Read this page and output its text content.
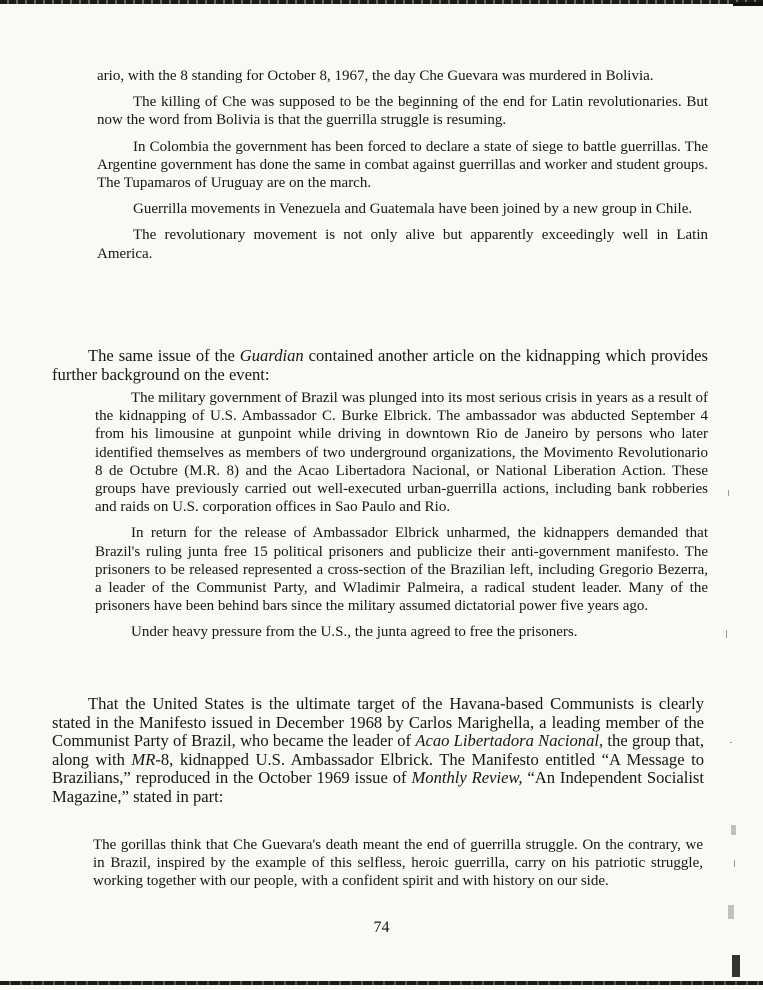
ario, with the 8 standing for October 8, 1967, the day Che Guevara was murdered in Bolivia.

The killing of Che was supposed to be the beginning of the end for Latin revolutionaries. But now the word from Bolivia is that the guerrilla struggle is resuming.

In Colombia the government has been forced to declare a state of siege to battle guerrillas. The Argentine government has done the same in combat against guerrillas and worker and student groups. The Tupamaros of Uruguay are on the march.

Guerrilla movements in Venezuela and Guatemala have been joined by a new group in Chile.

The revolutionary movement is not only alive but apparently exceedingly well in Latin America.

The same issue of the Guardian contained another article on the kidnapping which provides further background on the event:

The military government of Brazil was plunged into its most serious crisis in years as a result of the kidnapping of U.S. Ambassador C. Burke Elbrick. The ambassador was abducted September 4 from his limousine at gunpoint while driving in downtown Rio de Janeiro by persons who later identified themselves as members of two underground organizations, the Movimento Revolutionario 8 de Octubre (M.R. 8) and the Acao Libertadora Nacional, or National Liberation Action. These groups have previously carried out well-executed urban-guerrilla actions, including bank robberies and raids on U.S. corporation offices in Sao Paulo and Rio.

In return for the release of Ambassador Elbrick unharmed, the kidnappers demanded that Brazil's ruling junta free 15 political prisoners and publicize their anti-government manifesto. The prisoners to be released represented a cross-section of the Brazilian left, including Gregorio Bezerra, a leader of the Communist Party, and Wladimir Palmeira, a radical student leader. Many of the prisoners have been behind bars since the military assumed dictatorial power five years ago.

Under heavy pressure from the U.S., the junta agreed to free the prisoners.

That the United States is the ultimate target of the Havana-based Communists is clearly stated in the Manifesto issued in December 1968 by Carlos Marighella, a leading member of the Communist Party of Brazil, who became the leader of Acao Libertadora Nacional, the group that, along with MR-8, kidnapped U.S. Ambassador Elbrick. The Manifesto entitled “A Message to Brazilians,” reproduced in the October 1969 issue of Monthly Review, “An Independent Socialist Magazine,” stated in part:

The gorillas think that Che Guevara's death meant the end of guerrilla struggle. On the contrary, we in Brazil, inspired by the example of this selfless, heroic guerrilla, carry on his patriotic struggle, working together with our people, with a confident spirit and with history on our side.

74
